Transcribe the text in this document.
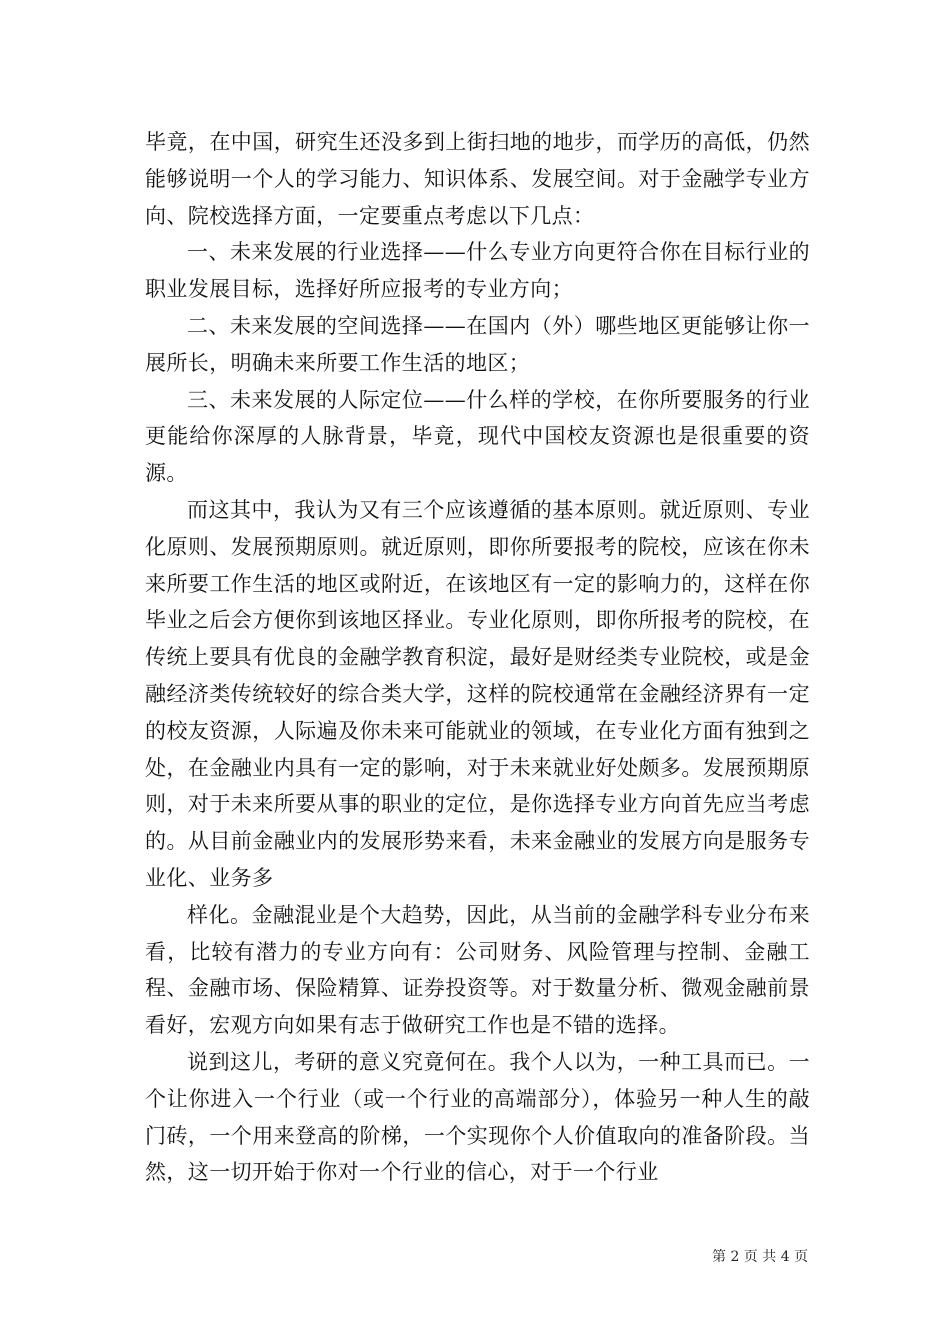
毕竟，在中国，研究生还没多到上街扫地的地步，而学历的高低，仍然能够说明一个人的学习能力、知识体系、发展空间。对于金融学专业方向、院校选择方面，一定要重点考虑以下几点：

一、未来发展的行业选择——什么专业方向更符合你在目标行业的职业发展目标，选择好所应报考的专业方向；

二、未来发展的空间选择——在国内（外）哪些地区更能够让你一展所长，明确未来所要工作生活的地区；

三、未来发展的人际定位——什么样的学校，在你所要服务的行业更能给你深厚的人脉背景，毕竟，现代中国校友资源也是很重要的资源。

而这其中，我认为又有三个应该遵循的基本原则。就近原则、专业化原则、发展预期原则。就近原则，即你所要报考的院校，应该在你未来所要工作生活的地区或附近，在该地区有一定的影响力的，这样在你毕业之后会方便你到该地区择业。专业化原则，即你所报考的院校，在传统上要具有优良的金融学教育积淀，最好是财经类专业院校，或是金融经济类传统较好的综合类大学，这样的院校通常在金融经济界有一定的校友资源，人际遍及你未来可能就业的领域，在专业化方面有独到之处，在金融业内具有一定的影响，对于未来就业好处颇多。发展预期原则，对于未来所要从事的职业的定位，是你选择专业方向首先应当考虑的。从目前金融业内的发展形势来看，未来金融业的发展方向是服务专业化、业务多

样化。金融混业是个大趋势，因此，从当前的金融学科专业分布来看，比较有潜力的专业方向有：公司财务、风险管理与控制、金融工程、金融市场、保险精算、证券投资等。对于数量分析、微观金融前景看好，宏观方向如果有志于做研究工作也是不错的选择。

说到这儿，考研的意义究竟何在。我个人以为，一种工具而已。一个让你进入一个行业（或一个行业的高端部分），体验另一种人生的敲门砖，一个用来登高的阶梯，一个实现你个人价值取向的准备阶段。当然，这一切开始于你对一个行业的信心，对于一个行业

第 2 页 共 4 页
